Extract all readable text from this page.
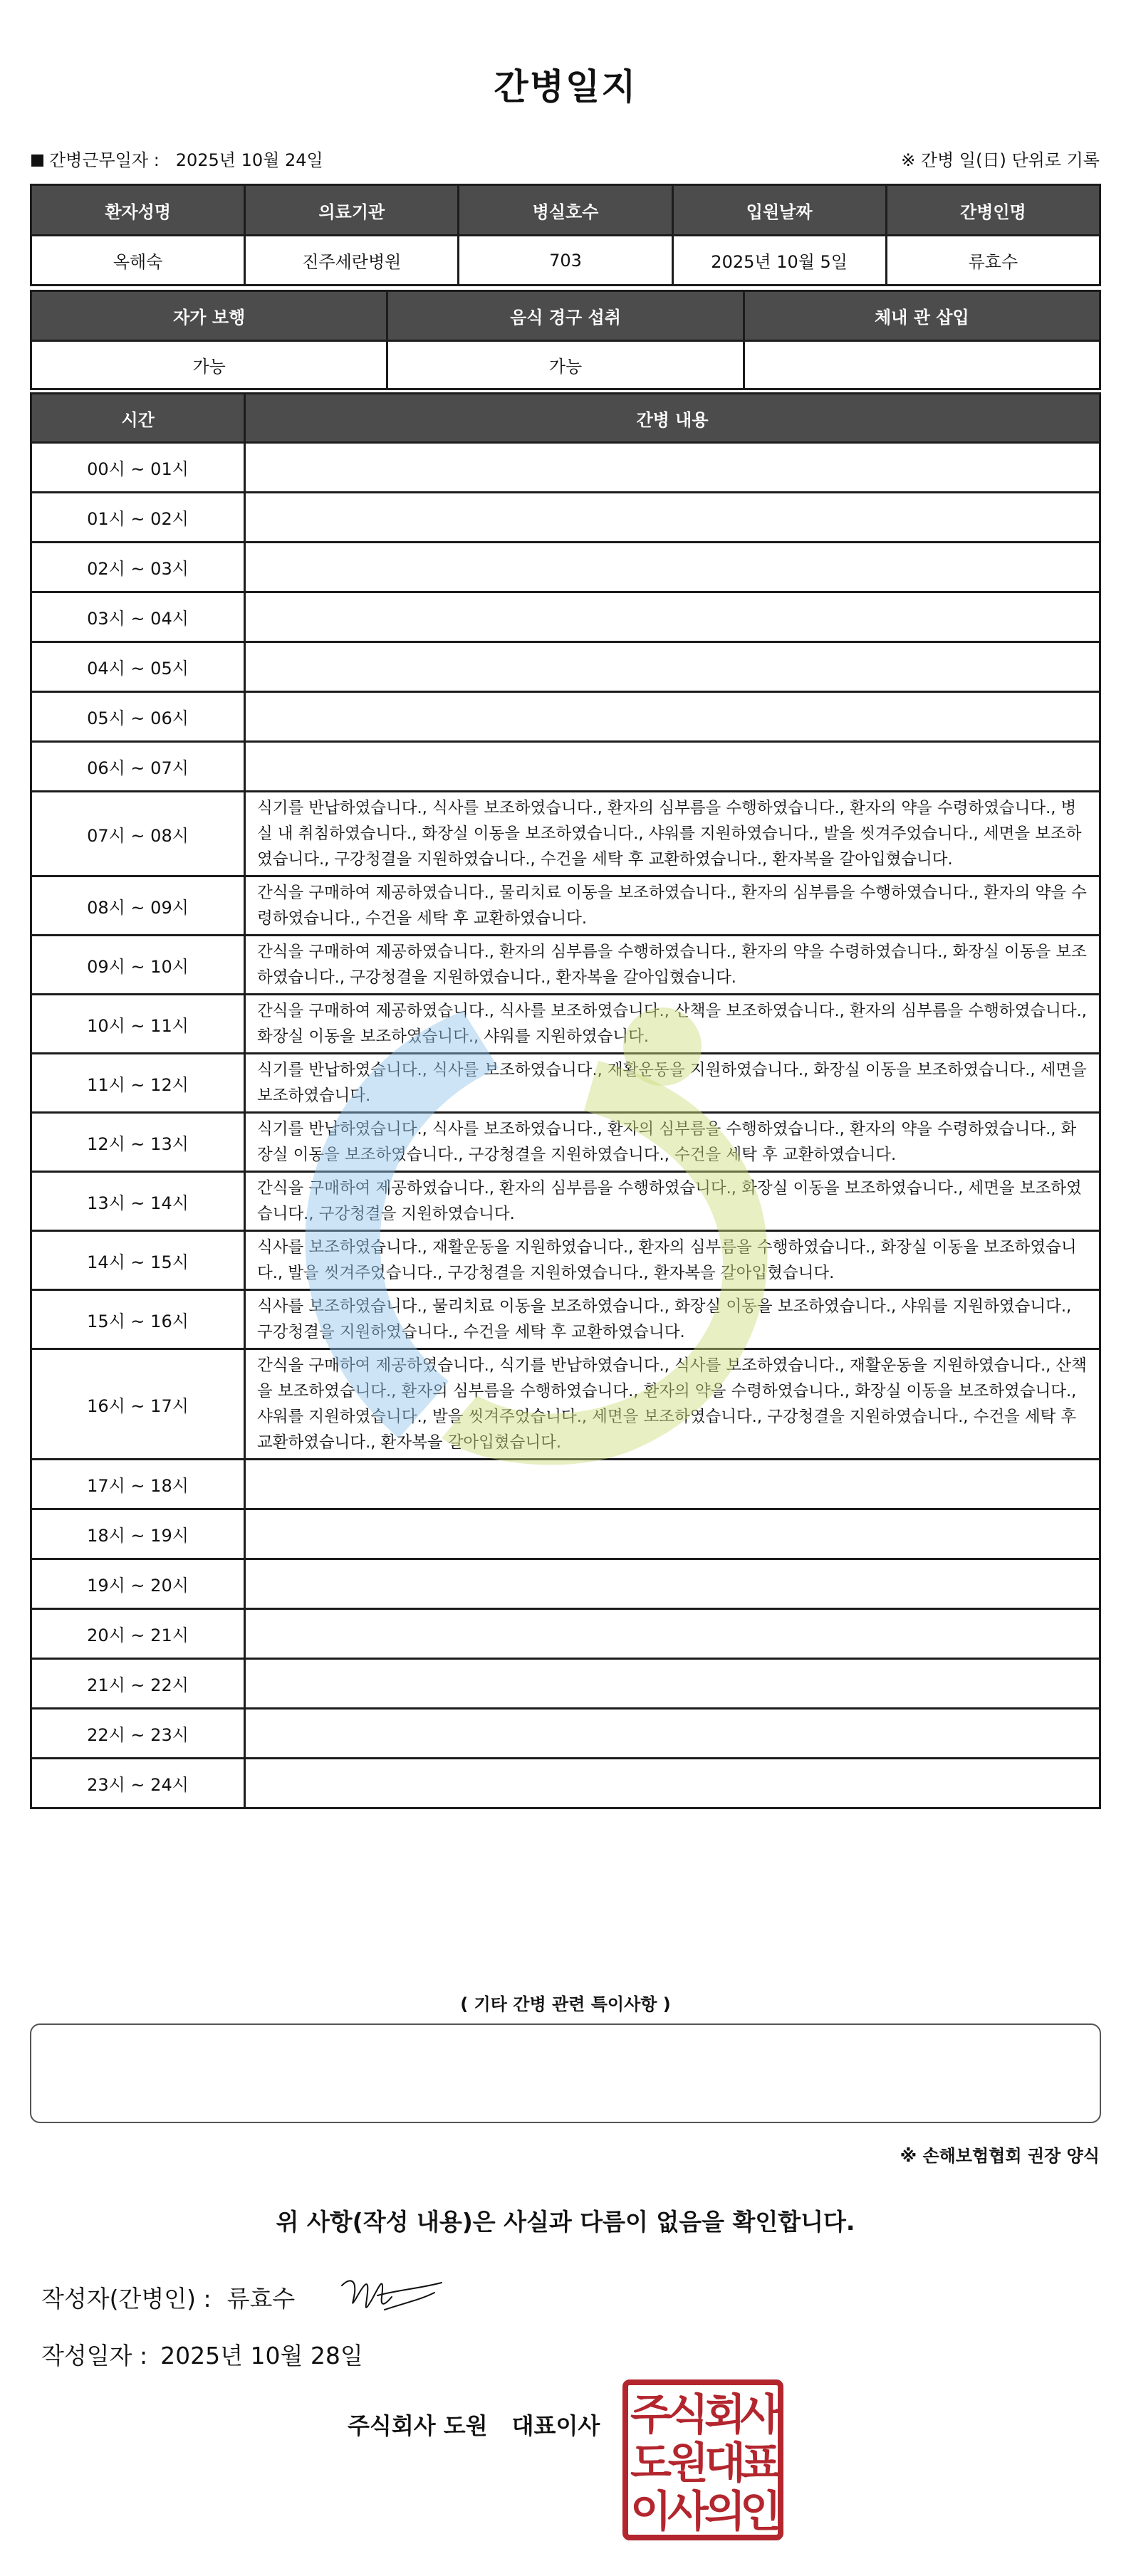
간병일지
간병근무일자 : 2025년 10월 24일	※ 간병 일(日) 단위로 기록
환자성명	의료기관	병실호수	입원날짜	간병인명
옥해숙	진주세란병원	703	2025년 10월 5일	류효수
자가 보행	음식 경구 섭취	체내 관 삽입
가능	가능	
시간	간병 내용
00시 ~ 01시	
01시 ~ 02시	
02시 ~ 03시	
03시 ~ 04시	
04시 ~ 05시	
05시 ~ 06시	
06시 ~ 07시	
07시 ~ 08시	식기를 반납하였습니다., 식사를 보조하였습니다., 환자의 심부름을 수행하였습니다., 환자의 약을 수령하였습니다., 병실 내 취침하였습니다., 화장실 이동을 보조하였습니다., 샤워를 지원하였습니다., 발을 씻겨주었습니다., 세면을 보조하였습니다., 구강청결을 지원하였습니다., 수건을 세탁 후 교환하였습니다., 환자복을 갈아입혔습니다.
08시 ~ 09시	간식을 구매하여 제공하였습니다., 물리치료 이동을 보조하였습니다., 환자의 심부름을 수행하였습니다., 환자의 약을 수령하였습니다., 수건을 세탁 후 교환하였습니다.
09시 ~ 10시	간식을 구매하여 제공하였습니다., 환자의 심부름을 수행하였습니다., 환자의 약을 수령하였습니다., 화장실 이동을 보조하였습니다., 구강청결을 지원하였습니다., 환자복을 갈아입혔습니다.
10시 ~ 11시	간식을 구매하여 제공하였습니다., 식사를 보조하였습니다., 산책을 보조하였습니다., 환자의 심부름을 수행하였습니다., 화장실 이동을 보조하였습니다., 샤워를 지원하였습니다.
11시 ~ 12시	식기를 반납하였습니다., 식사를 보조하였습니다., 재활운동을 지원하였습니다., 화장실 이동을 보조하였습니다., 세면을 보조하였습니다.
12시 ~ 13시	식기를 반납하였습니다., 식사를 보조하였습니다., 환자의 심부름을 수행하였습니다., 환자의 약을 수령하였습니다., 화장실 이동을 보조하였습니다., 구강청결을 지원하였습니다., 수건을 세탁 후 교환하였습니다.
13시 ~ 14시	간식을 구매하여 제공하였습니다., 환자의 심부름을 수행하였습니다., 화장실 이동을 보조하였습니다., 세면을 보조하였습니다., 구강청결을 지원하였습니다.
14시 ~ 15시	식사를 보조하였습니다., 재활운동을 지원하였습니다., 환자의 심부름을 수행하였습니다., 화장실 이동을 보조하였습니다., 발을 씻겨주었습니다., 구강청결을 지원하였습니다., 환자복을 갈아입혔습니다.
15시 ~ 16시	식사를 보조하였습니다., 물리치료 이동을 보조하였습니다., 화장실 이동을 보조하였습니다., 샤워를 지원하였습니다., 구강청결을 지원하였습니다., 수건을 세탁 후 교환하였습니다.
16시 ~ 17시	간식을 구매하여 제공하였습니다., 식기를 반납하였습니다., 식사를 보조하였습니다., 재활운동을 지원하였습니다., 산책을 보조하였습니다., 환자의 심부름을 수행하였습니다., 환자의 약을 수령하였습니다., 화장실 이동을 보조하였습니다., 샤워를 지원하였습니다., 발을 씻겨주었습니다., 세면을 보조하였습니다., 구강청결을 지원하였습니다., 수건을 세탁 후 교환하였습니다., 환자복을 갈아입혔습니다.
17시 ~ 18시	
18시 ~ 19시	
19시 ~ 20시	
20시 ~ 21시	
21시 ~ 22시	
22시 ~ 23시	
23시 ~ 24시	
( 기타 간병 관련 특이사항 )
※ 손해보험협회 권장 양식
위 사항(작성 내용)은 사실과 다름이 없음을 확인합니다.
작성자(간병인) : 류효수
작성일자 : 2025년 10월 28일
주식회사 도원 대표이사 주
식
회
사
도
원
대
표
이
사
의
인
